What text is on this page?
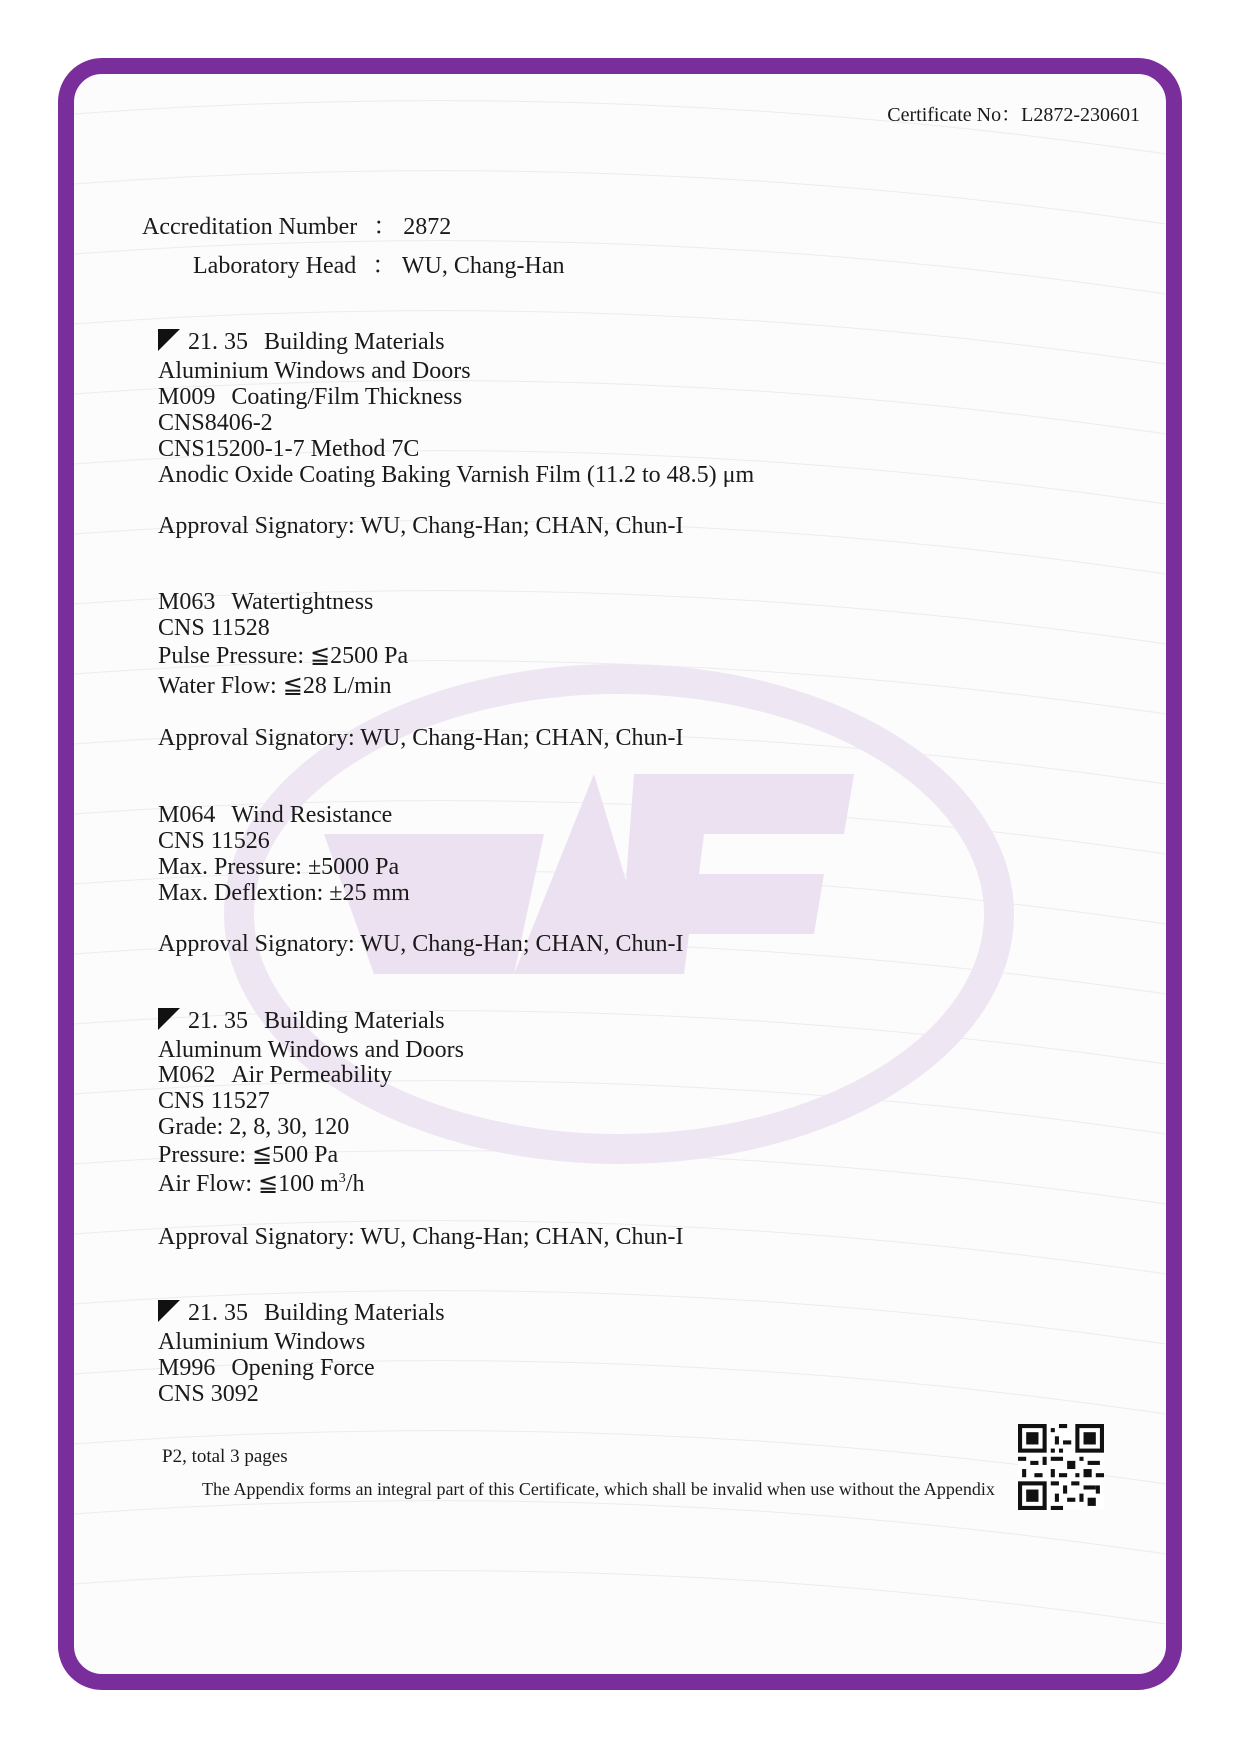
Certificate No：L2872-230601
Accreditation Number ： 2872
Laboratory Head ： WU, Chang-Han
21. 35 Building Materials
Aluminium Windows and Doors
M009 Coating/Film Thickness
CNS8406-2
CNS15200-1-7 Method 7C
Anodic Oxide Coating Baking Varnish Film (11.2 to 48.5) μm
Approval Signatory: WU, Chang-Han; CHAN, Chun-I
M063 Watertightness
CNS 11528
Pulse Pressure: ≦2500 Pa
Water Flow: ≦28 L/min
Approval Signatory: WU, Chang-Han; CHAN, Chun-I
M064 Wind Resistance
CNS 11526
Max. Pressure: ±5000 Pa
Max. Deflextion: ±25 mm
Approval Signatory: WU, Chang-Han; CHAN, Chun-I
21. 35 Building Materials
Aluminum Windows and Doors
M062 Air Permeability
CNS 11527
Grade: 2, 8, 30, 120
Pressure: ≦500 Pa
Air Flow: ≦100 $m^3/h$
Approval Signatory: WU, Chang-Han; CHAN, Chun-I
21. 35 Building Materials
Aluminium Windows
M996 Opening Force
CNS 3092
P2, total 3 pages
The Appendix forms an integral part of this Certificate, which shall be invalid when use without the Appendix
